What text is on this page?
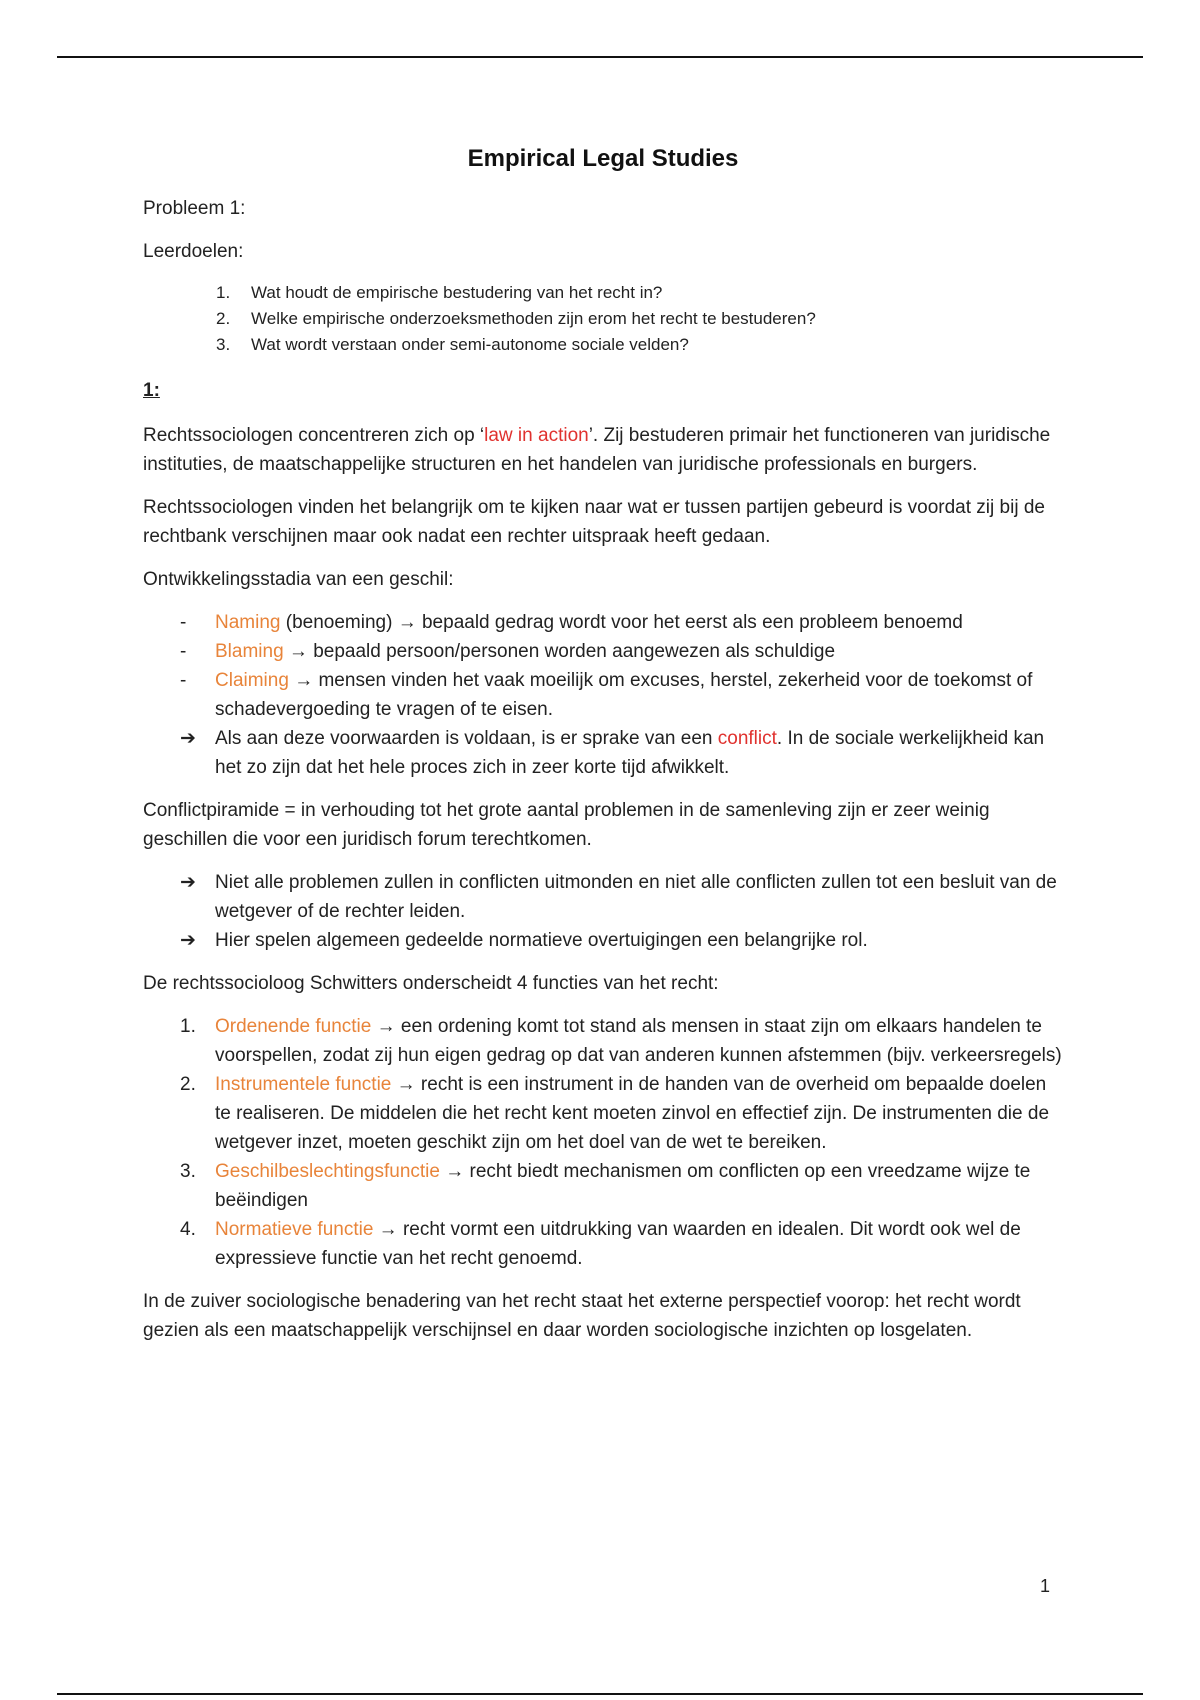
Empirical Legal Studies

Probleem 1:

Leerdoelen:

1.	Wat houdt de empirische bestudering van het recht in?
2.	Welke empirische onderzoeksmethoden zijn erom het recht te bestuderen?
3.	Wat wordt verstaan onder semi-autonome sociale velden?

1:

Rechtssociologen concentreren zich op ‘law in action’. Zij bestuderen primair het functioneren van juridische instituties, de maatschappelijke structuren en het handelen van juridische professionals en burgers.

Rechtssociologen vinden het belangrijk om te kijken naar wat er tussen partijen gebeurd is voordat zij bij de rechtbank verschijnen maar ook nadat een rechter uitspraak heeft gedaan.

Ontwikkelingsstadia van een geschil:

-	Naming (benoeming) → bepaald gedrag wordt voor het eerst als een probleem benoemd
-	Blaming → bepaald persoon/personen worden aangewezen als schuldige
-	Claiming → mensen vinden het vaak moeilijk om excuses, herstel, zekerheid voor de toekomst of schadevergoeding te vragen of te eisen.
➔	Als aan deze voorwaarden is voldaan, is er sprake van een conflict. In de sociale werkelijkheid kan het zo zijn dat het hele proces zich in zeer korte tijd afwikkelt.

Conflictpiramide = in verhouding tot het grote aantal problemen in de samenleving zijn er zeer weinig geschillen die voor een juridisch forum terechtkomen.

➔	Niet alle problemen zullen in conflicten uitmonden en niet alle conflicten zullen tot een besluit van de wetgever of de rechter leiden.
➔	Hier spelen algemeen gedeelde normatieve overtuigingen een belangrijke rol.

De rechtssocioloog Schwitters onderscheidt 4 functies van het recht:

1.	Ordenende functie → een ordening komt tot stand als mensen in staat zijn om elkaars handelen te voorspellen, zodat zij hun eigen gedrag op dat van anderen kunnen afstemmen (bijv. verkeersregels)
2.	Instrumentele functie → recht is een instrument in de handen van de overheid om bepaalde doelen te realiseren. De middelen die het recht kent moeten zinvol en effectief zijn. De instrumenten die de wetgever inzet, moeten geschikt zijn om het doel van de wet te bereiken.
3.	Geschilbeslechtingsfunctie → recht biedt mechanismen om conflicten op een vreedzame wijze te beëindigen
4.	Normatieve functie → recht vormt een uitdrukking van waarden en idealen. Dit wordt ook wel de expressieve functie van het recht genoemd.

In de zuiver sociologische benadering van het recht staat het externe perspectief voorop: het recht wordt gezien als een maatschappelijk verschijnsel en daar worden sociologische inzichten op losgelaten.

1
